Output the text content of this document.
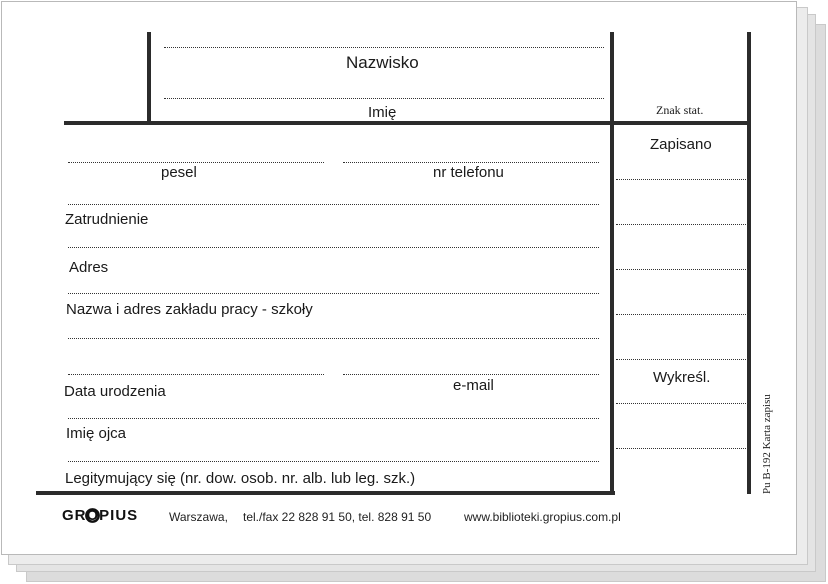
Nazwisko
Imię	Znak stat.
pesel	nr telefonu
Zatrudnienie
Adres
Nazwa i adres zakładu pracy - szkoły
Data urodzenia	e-mail
Imię ojca
Legitymujący się (nr. dow. osob. nr. alb. lub leg. szk.)
Zapisano
Wykreśl.
Pu B-192 Karta zapisu
GROPIUS	Warszawa, tel./fax 22 828 91 50, tel. 828 91 50	www.biblioteki.gropius.com.pl
